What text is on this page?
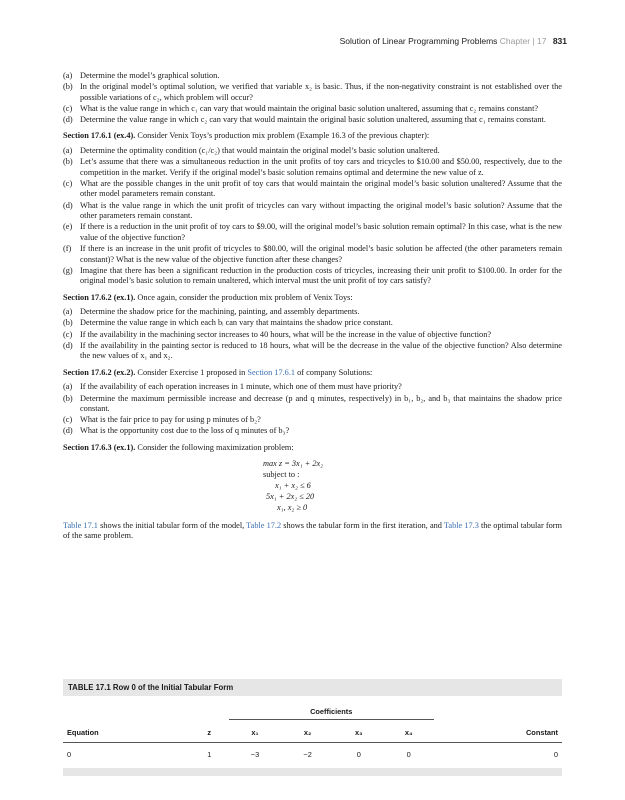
Solution of Linear Programming Problems Chapter | 17 831
(a) Determine the model’s graphical solution.
(b) In the original model’s optimal solution, we verified that variable x₂ is basic. Thus, if the non-negativity constraint is not established over the possible variations of c₂, which problem will occur?
(c) What is the value range in which c₁ can vary that would maintain the original basic solution unaltered, assuming that c₂ remains constant?
(d) Determine the value range in which c₂ can vary that would maintain the original basic solution unaltered, assuming that c₁ remains constant.
Section 17.6.1 (ex.4). Consider Venix Toys’s production mix problem (Example 16.3 of the previous chapter):
(a) Determine the optimality condition (c₁/c₂) that would maintain the original model’s basic solution unaltered.
(b) Let’s assume that there was a simultaneous reduction in the unit profits of toy cars and tricycles to $10.00 and $50.00, respectively, due to the competition in the market. Verify if the original model’s basic solution remains optimal and determine the new value of z.
(c) What are the possible changes in the unit profit of toy cars that would maintain the original model’s basic solution unaltered? Assume that the other model parameters remain constant.
(d) What is the value range in which the unit profit of tricycles can vary without impacting the original model’s basic solution? Assume that the other parameters remain constant.
(e) If there is a reduction in the unit profit of toy cars to $9.00, will the original model’s basic solution remain optimal? In this case, what is the new value of the objective function?
(f) If there is an increase in the unit profit of tricycles to $80.00, will the original model’s basic solution be affected (the other parameters remain constant)? What is the new value of the objective function after these changes?
(g) Imagine that there has been a significant reduction in the production costs of tricycles, increasing their unit profit to $100.00. In order for the original model’s basic solution to remain unaltered, which interval must the unit profit of toy cars satisfy?
Section 17.6.2 (ex.1). Once again, consider the production mix problem of Venix Toys:
(a) Determine the shadow price for the machining, painting, and assembly departments.
(b) Determine the value range in which each bᵢ can vary that maintains the shadow price constant.
(c) If the availability in the machining sector increases to 40 hours, what will be the increase in the value of objective function?
(d) If the availability in the painting sector is reduced to 18 hours, what will be the decrease in the value of the objective function? Also determine the new values of x₁ and x₂.
Section 17.6.2 (ex.2). Consider Exercise 1 proposed in Section 17.6.1 of company Solutions:
(a) If the availability of each operation increases in 1 minute, which one of them must have priority?
(b) Determine the maximum permissible increase and decrease (p and q minutes, respectively) in b₁, b₂, and b₃ that maintains the shadow price constant.
(c) What is the fair price to pay for using p minutes of b₂?
(d) What is the opportunity cost due to the loss of q minutes of b₃?
Section 17.6.3 (ex.1). Consider the following maximization problem:
max z = 3x₁ + 2x₂
subject to :
x₁ + x₂ ≤ 6
5x₁ + 2x₂ ≤ 20
x₁, x₂ ≥ 0
Table 17.1 shows the initial tabular form of the model, Table 17.2 shows the tabular form in the first iteration, and Table 17.3 the optimal tabular form of the same problem.
TABLE 17.1 Row 0 of the Initial Tabular Form
		Coefficients				
Equation	z	x₁	x₂	x₃	x₄	Constant
0	1	−3	−2	0	0	0
